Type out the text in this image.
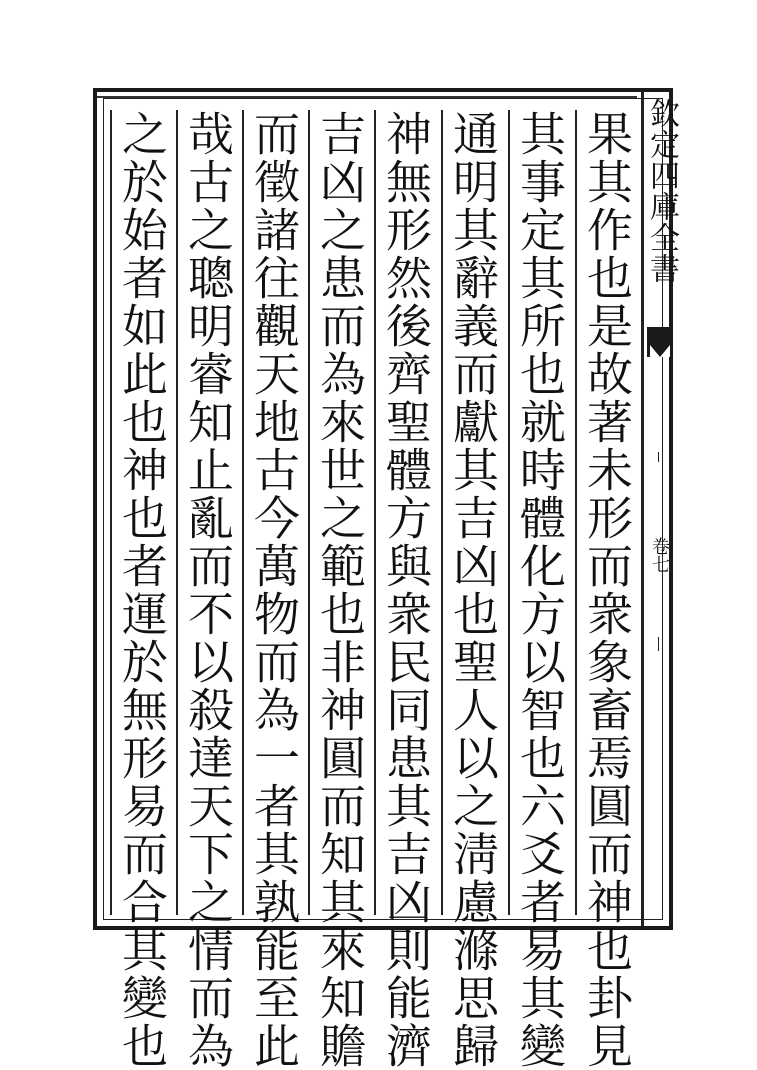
果其作也是故著未形而衆象畜焉圓而神也卦見
其事定其所也就時體化方以智也六爻者易其變
通明其辭義而獻其吉凶也聖人以之淸慮滌思歸
神無形然後齊聖體方與衆民同患其吉凶則能濟
吉凶之患而為來世之範也非神圓而知其來知贍
而徵諸往觀天地古今萬物而為一者其孰能至此
哉古之聰明睿知止亂而不以殺達天下之情而為
之於始者如此也神也者運於無形易而合其變也	欽定四庫全書
卷七
